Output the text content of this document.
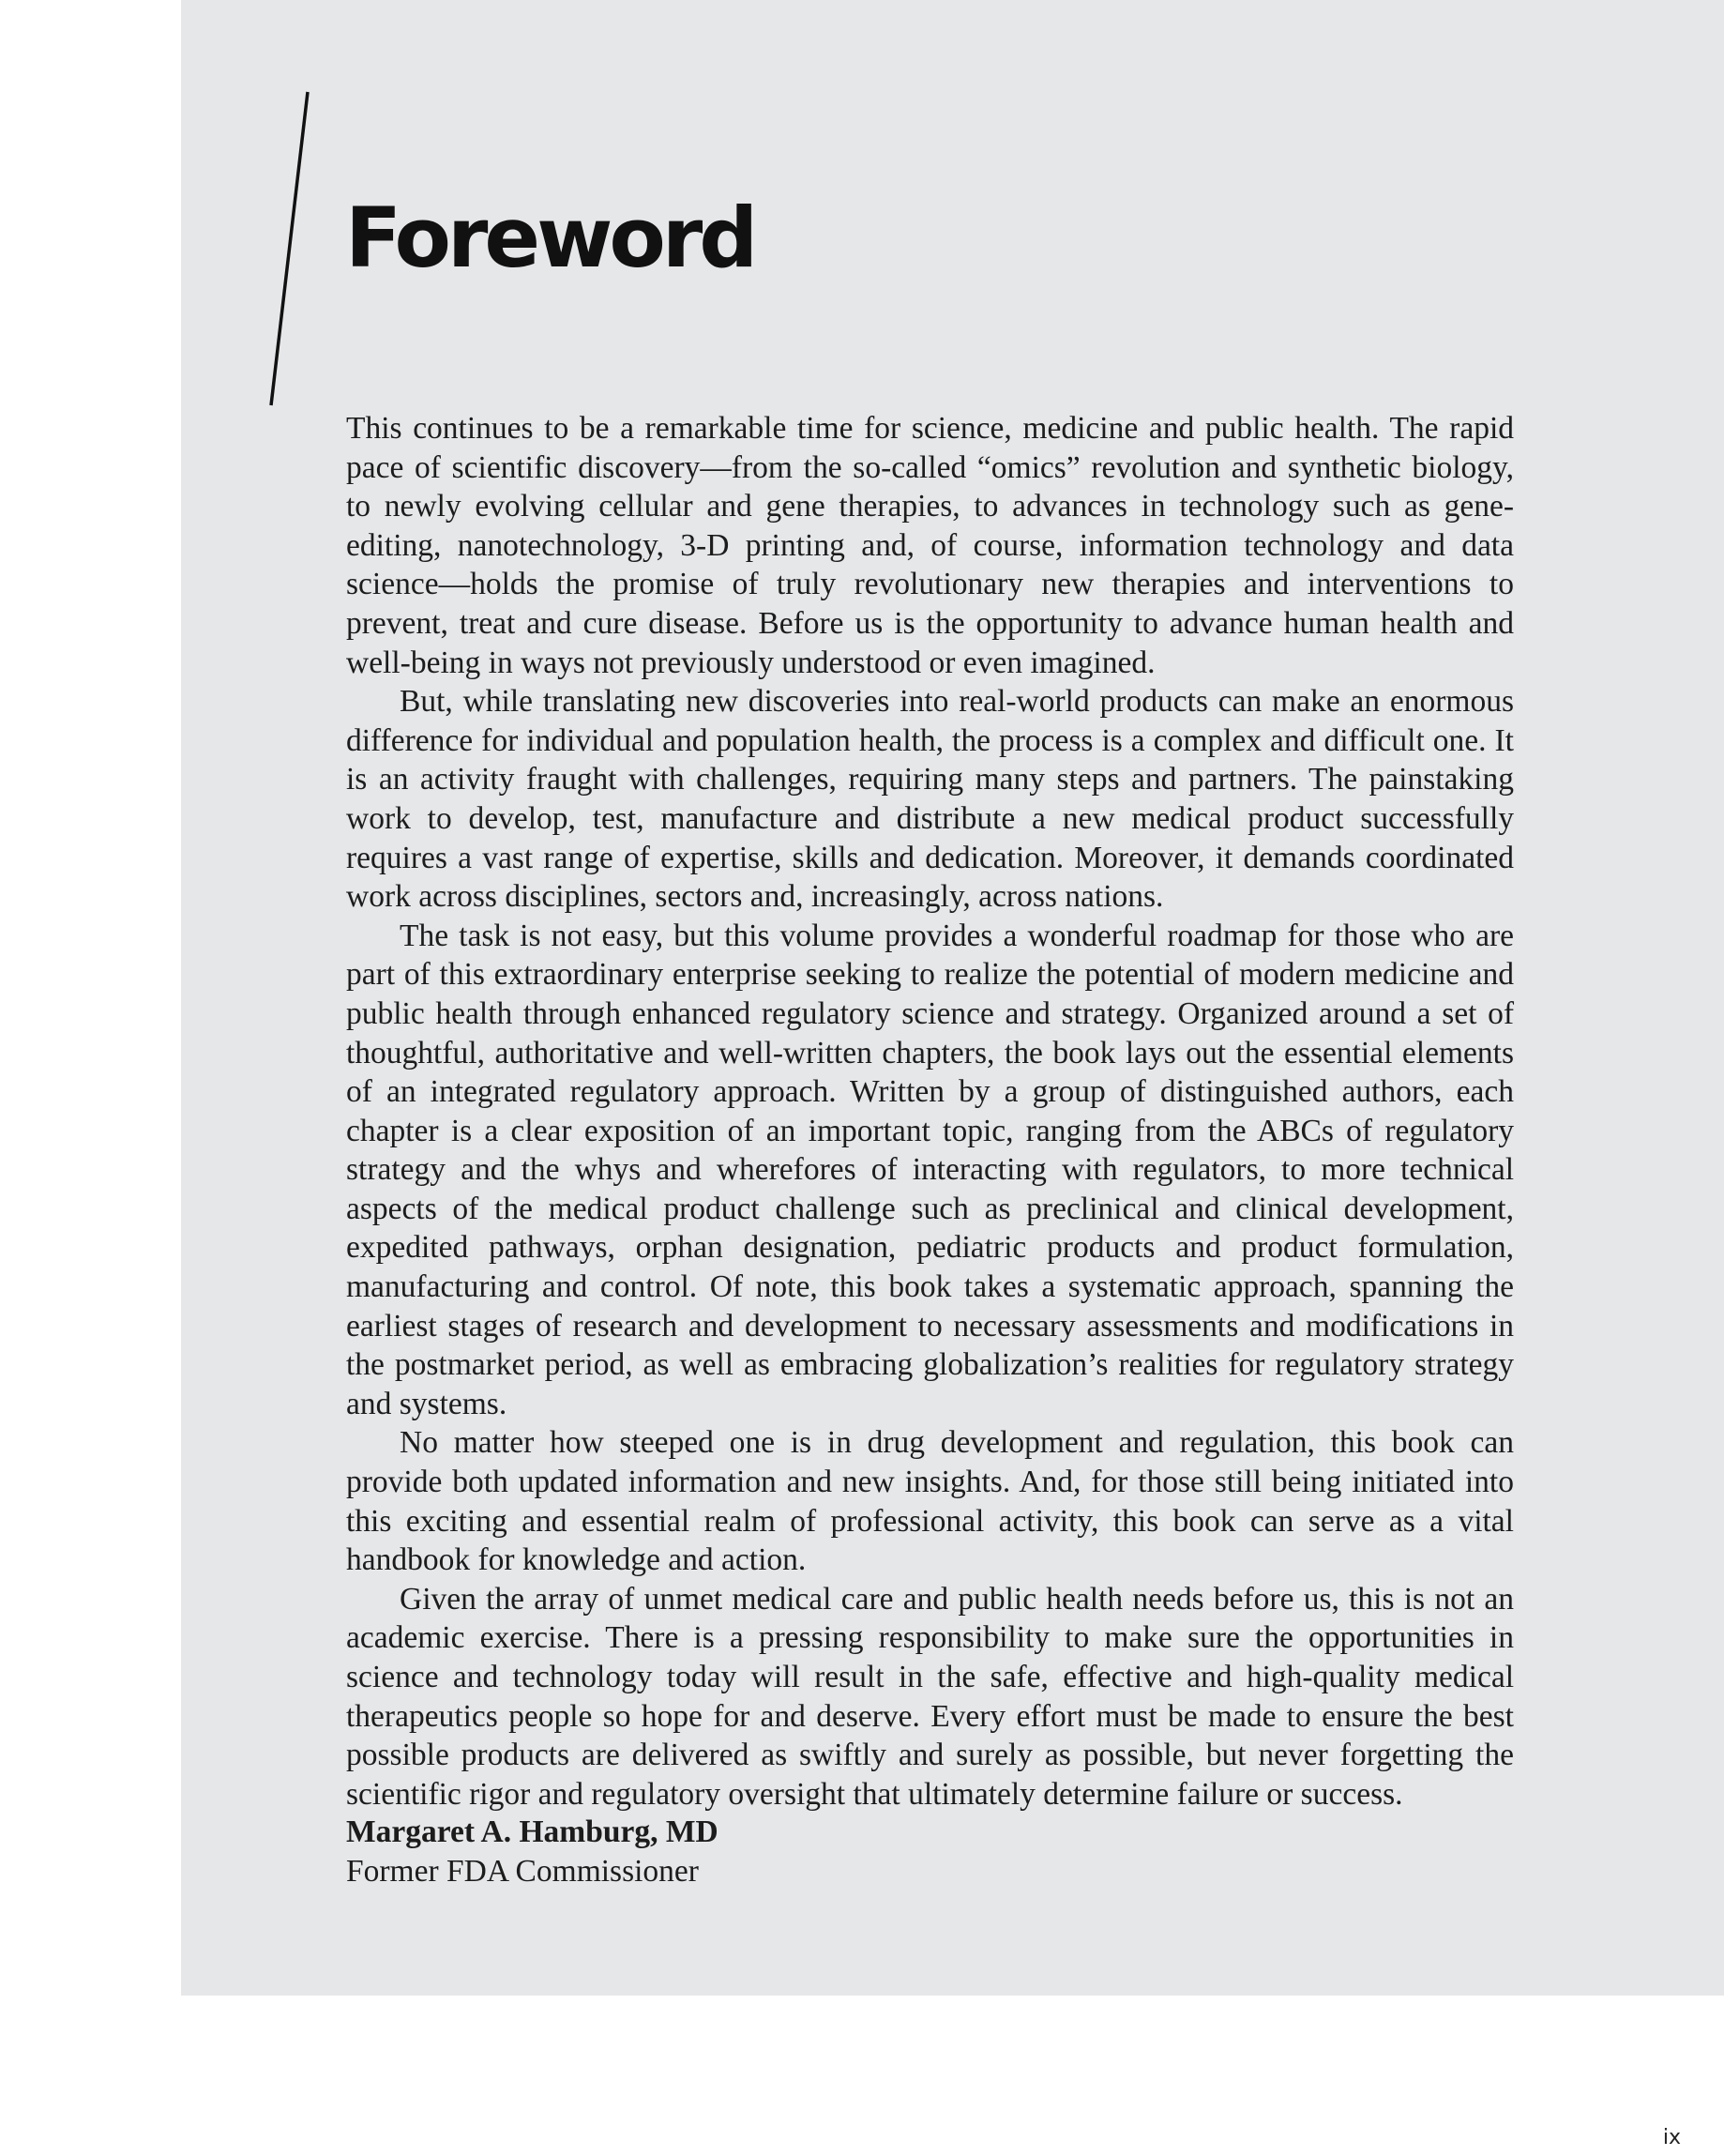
Foreword

This continues to be a remarkable time for science, medicine and public health. The rapid pace of scientific discovery—from the so-called “omics” revolution and synthetic biology, to newly evolving cellular and gene therapies, to advances in technology such as gene-editing, nanotechnology, 3-D printing and, of course, information technology and data science—holds the promise of truly revolutionary new therapies and interventions to prevent, treat and cure disease. Before us is the opportunity to advance human health and well-being in ways not previously understood or even imagined.

But, while translating new discoveries into real-world products can make an enormous difference for individual and population health, the process is a complex and difficult one. It is an activity fraught with challenges, requiring many steps and partners. The painstaking work to develop, test, manufacture and distribute a new medical product successfully requires a vast range of expertise, skills and dedication. Moreover, it demands coordinated work across disciplines, sectors and, increasingly, across nations.

The task is not easy, but this volume provides a wonderful roadmap for those who are part of this extraordinary enterprise seeking to realize the potential of modern medicine and public health through enhanced regulatory science and strategy. Organized around a set of thoughtful, authoritative and well-written chapters, the book lays out the essential elements of an integrated regulatory approach. Written by a group of distinguished authors, each chapter is a clear exposition of an important topic, ranging from the ABCs of regulatory strategy and the whys and wherefores of interacting with regulators, to more technical aspects of the medical product challenge such as preclinical and clinical development, expedited pathways, orphan designation, pediatric products and product formulation, manufacturing and control. Of note, this book takes a systematic approach, spanning the earliest stages of research and development to necessary assessments and modifications in the postmarket period, as well as embracing globalization’s realities for regulatory strategy and systems.

No matter how steeped one is in drug development and regulation, this book can provide both updated information and new insights. And, for those still being initiated into this exciting and essential realm of professional activity, this book can serve as a vital handbook for knowledge and action.

Given the array of unmet medical care and public health needs before us, this is not an academic exercise. There is a pressing responsibility to make sure the opportunities in science and technology today will result in the safe, effective and high-quality medical therapeutics people so hope for and deserve. Every effort must be made to ensure the best possible products are delivered as swiftly and surely as possible, but never forgetting the scientific rigor and regulatory oversight that ultimately determine failure or success.

Margaret A. Hamburg, MD
Former FDA Commissioner
ix
